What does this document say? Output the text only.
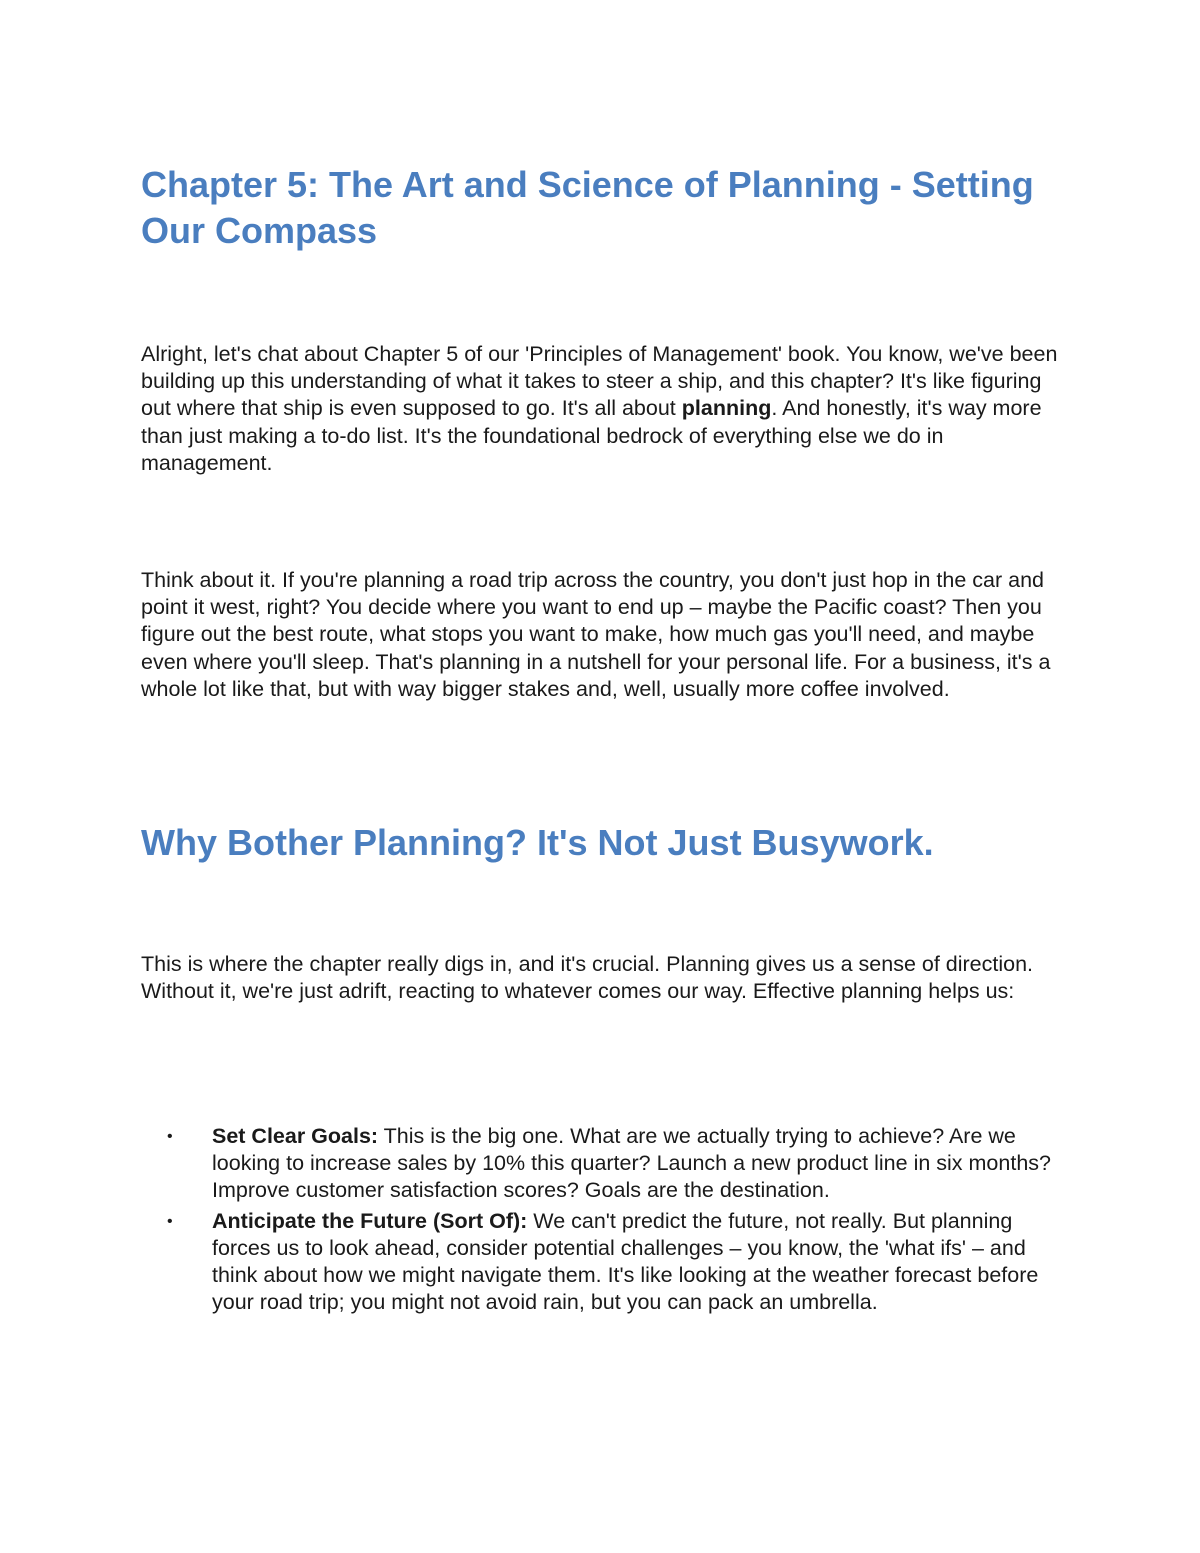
Chapter 5: The Art and Science of Planning - Setting Our Compass

Alright, let's chat about Chapter 5 of our 'Principles of Management' book. You know, we've been building up this understanding of what it takes to steer a ship, and this chapter? It's like figuring out where that ship is even supposed to go. It's all about planning. And honestly, it's way more than just making a to-do list. It's the foundational bedrock of everything else we do in management.

Think about it. If you're planning a road trip across the country, you don't just hop in the car and point it west, right? You decide where you want to end up – maybe the Pacific coast? Then you figure out the best route, what stops you want to make, how much gas you'll need, and maybe even where you'll sleep. That's planning in a nutshell for your personal life. For a business, it's a whole lot like that, but with way bigger stakes and, well, usually more coffee involved.

Why Bother Planning? It's Not Just Busywork.

This is where the chapter really digs in, and it's crucial. Planning gives us a sense of direction. Without it, we're just adrift, reacting to whatever comes our way. Effective planning helps us:

• Set Clear Goals: This is the big one. What are we actually trying to achieve? Are we looking to increase sales by 10% this quarter? Launch a new product line in six months? Improve customer satisfaction scores? Goals are the destination.
• Anticipate the Future (Sort Of): We can't predict the future, not really. But planning forces us to look ahead, consider potential challenges – you know, the 'what ifs' – and think about how we might navigate them. It's like looking at the weather forecast before your road trip; you might not avoid rain, but you can pack an umbrella.
